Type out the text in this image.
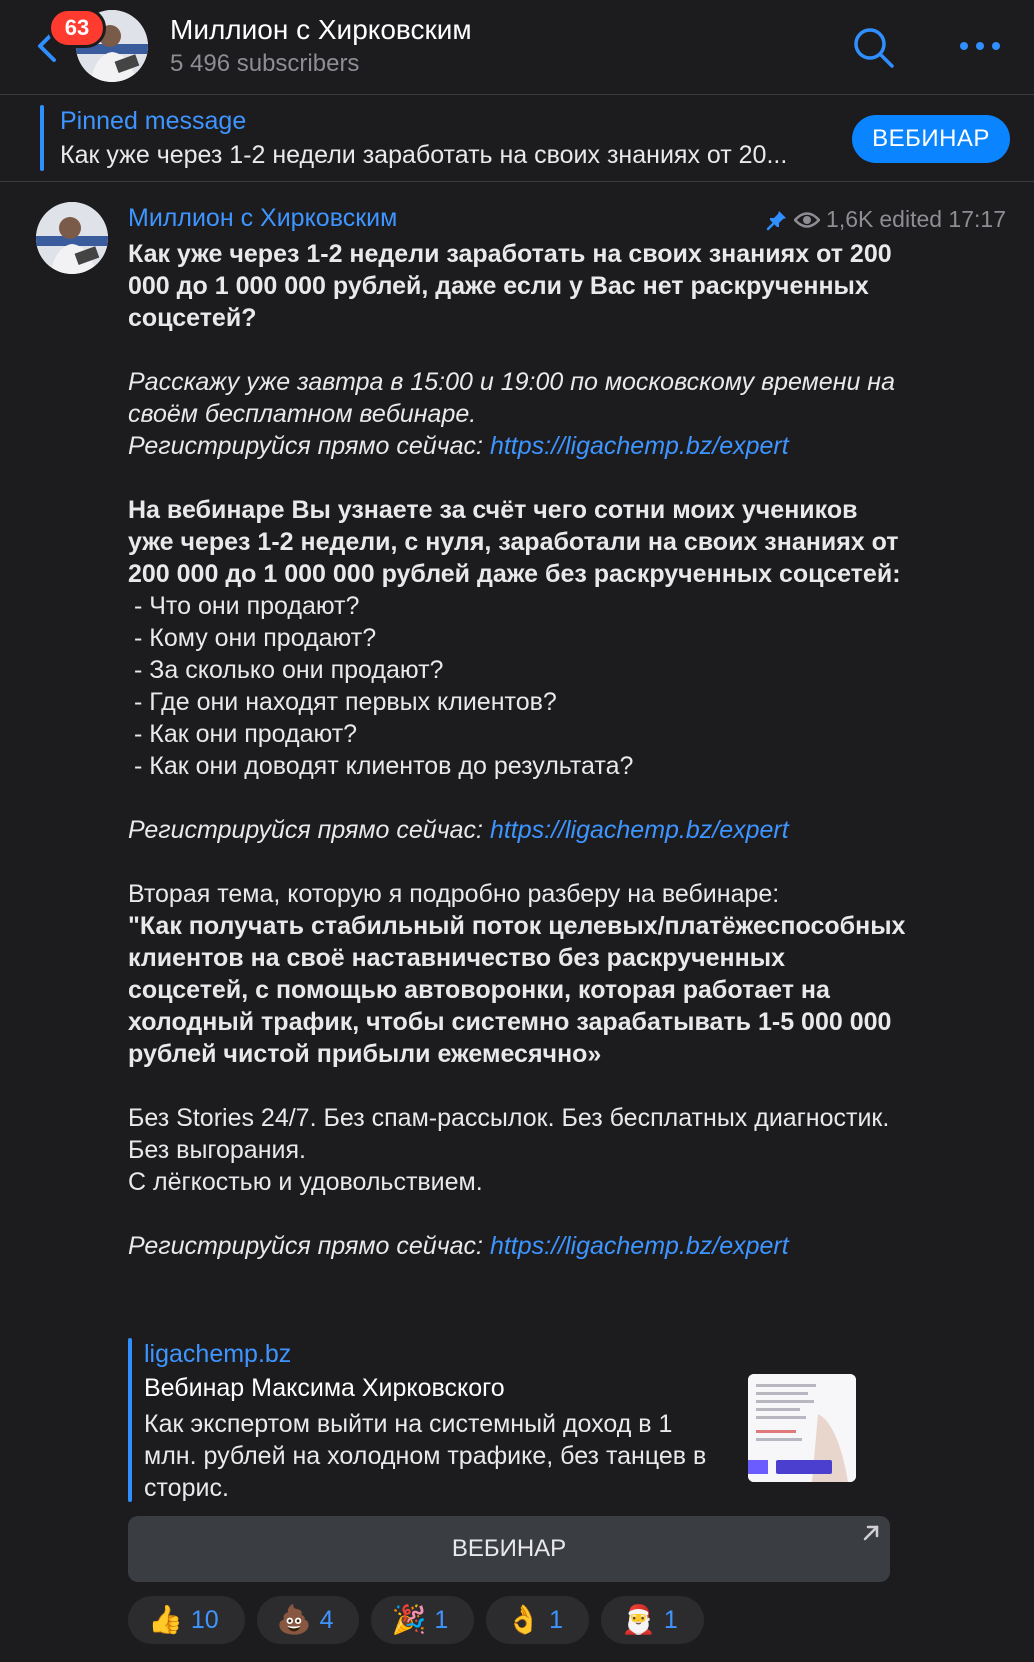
63	Миллион с Хирковским
5 496 subscribers
Pinned message
Как уже через 1-2 недели заработать на своих знаниях от 20...
ВЕБИНАР
Миллион с Хирковским	1,6K edited 17:17

Как уже через 1-2 недели заработать на своих знаниях от 200 000 до 1 000 000 рублей, даже если у Вас нет раскрученных соцсетей?

Расскажу уже завтра в 15:00 и 19:00 по московскому времени на своём бесплатном вебинаре.

Регистрируйся прямо сейчас: https://ligachemp.bz/expert

На вебинаре Вы узнаете за счёт чего сотни моих учеников уже через 1-2 недели, с нуля, заработали на своих знаниях от 200 000 до 1 000 000 рублей даже без раскрученных соцсетей:

- Что они продают?

- Кому они продают?

- За сколько они продают?

- Где они находят первых клиентов?

- Как они продают?

- Как они доводят клиентов до результата?

Регистрируйся прямо сейчас: https://ligachemp.bz/expert

Вторая тема, которую я подробно разберу на вебинаре:

"Как получать стабильный поток целевых/платёжеспособных клиентов на своё наставничество без раскрученных соцсетей, с помощью автоворонки, которая работает на холодный трафик, чтобы системно зарабатывать 1-5 000 000 рублей чистой прибыли ежемесячно»

Без Stories 24/7. Без спам-рассылок. Без бесплатных диагностик. Без выгорания.

С лёгкостью и удовольствием.

Регистрируйся прямо сейчас: https://ligachemp.bz/expert

ligachemp.bz
Вебинар Максима Хирковского
Как экспертом выйти на системный доход в 1 млн. рублей на холодном трафике, без танцев в сторис.
ВЕБИНАР
👍 10 💩 4 🎉 1 👌 1 🎅 1
